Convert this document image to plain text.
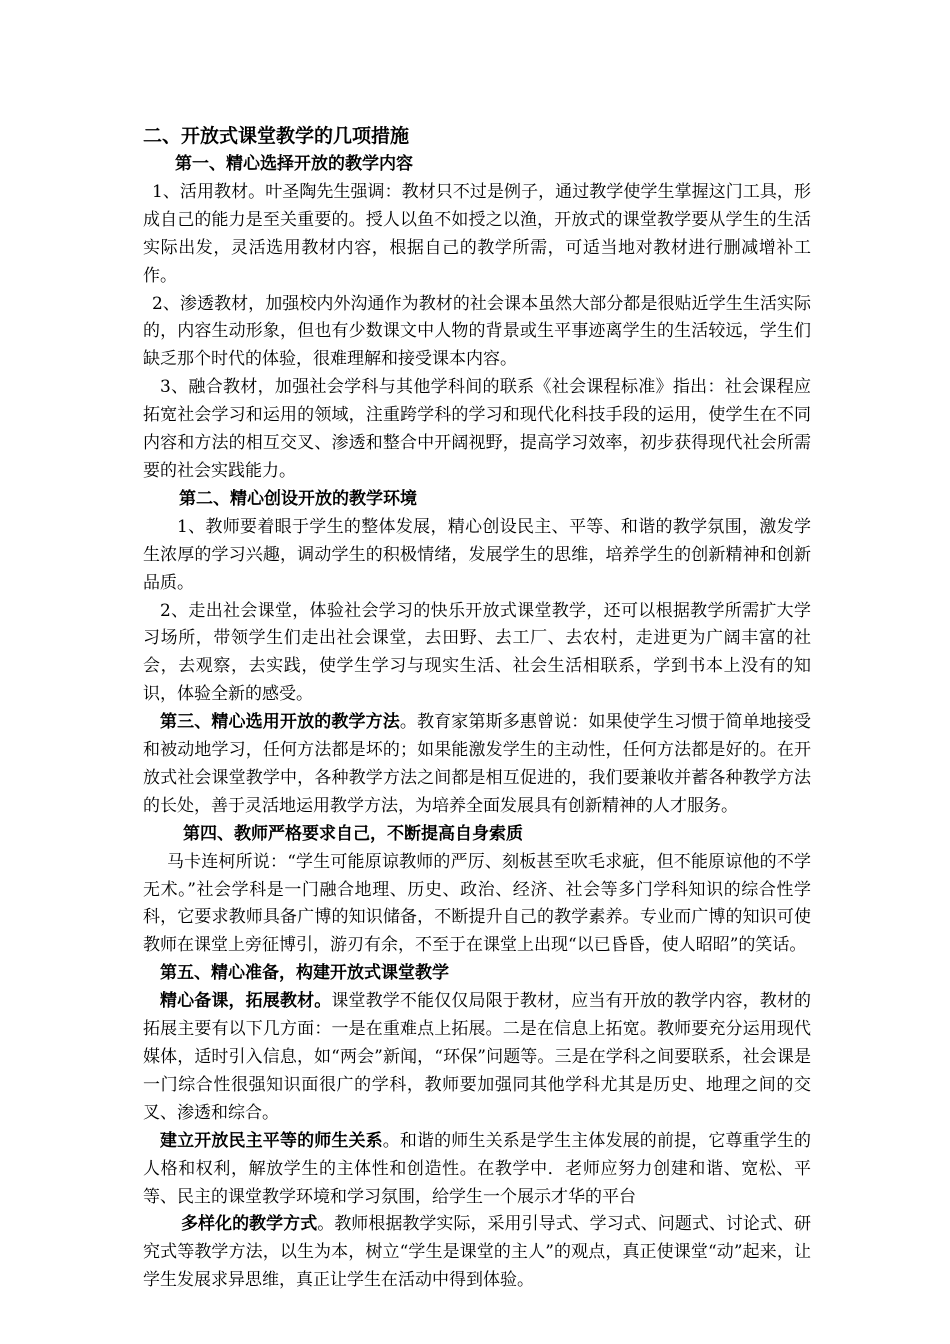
二、开放式课堂教学的几项措施

第一、精心选择开放的教学内容

1、活用教材。叶圣陶先生强调：教材只不过是例子，通过教学使学生掌握这门工具，形成自己的能力是至关重要的。授人以鱼不如授之以渔，开放式的课堂教学要从学生的生活实际出发，灵活选用教材内容，根据自己的教学所需，可适当地对教材进行删减增补工作。

2、渗透教材，加强校内外沟通作为教材的社会课本虽然大部分都是很贴近学生生活实际的，内容生动形象，但也有少数课文中人物的背景或生平事迹离学生的生活较远，学生们缺乏那个时代的体验，很难理解和接受课本内容。

3、融合教材，加强社会学科与其他学科间的联系《社会课程标准》指出：社会课程应拓宽社会学习和运用的领域，注重跨学科的学习和现代化科技手段的运用，使学生在不同内容和方法的相互交叉、渗透和整合中开阔视野，提高学习效率，初步获得现代社会所需要的社会实践能力。

第二、精心创设开放的教学环境

1、教师要着眼于学生的整体发展，精心创设民主、平等、和谐的教学氛围，激发学生浓厚的学习兴趣，调动学生的积极情绪，发展学生的思维，培养学生的创新精神和创新品质。

2、走出社会课堂，体验社会学习的快乐开放式课堂教学，还可以根据教学所需扩大学习场所，带领学生们走出社会课堂，去田野、去工厂、去农村，走进更为广阔丰富的社会，去观察，去实践，使学生学习与现实生活、社会生活相联系，学到书本上没有的知识，体验全新的感受。

第三、精心选用开放的教学方法。教育家第斯多惠曾说：如果使学生习惯于简单地接受和被动地学习，任何方法都是坏的；如果能激发学生的主动性，任何方法都是好的。在开放式社会课堂教学中，各种教学方法之间都是相互促进的，我们要兼收并蓄各种教学方法的长处，善于灵活地运用教学方法，为培养全面发展具有创新精神的人才服务。

第四、教师严格要求自己，不断提高自身索质

马卡连柯所说：“学生可能原谅教师的严厉、刻板甚至吹毛求疵，但不能原谅他的不学无术。”社会学科是一门融合地理、历史、政治、经济、社会等多门学科知识的综合性学科，它要求教师具备广博的知识储备，不断提升自己的教学素养。专业而广博的知识可使教师在课堂上旁征博引，游刃有余，不至于在课堂上出现“以已昏昏，使人昭昭”的笑话。

第五、精心准备，构建开放式课堂教学

精心备课，拓展教材。课堂教学不能仅仅局限于教材，应当有开放的教学内容，教材的拓展主要有以下几方面：一是在重难点上拓展。二是在信息上拓宽。教师要充分运用现代媒体，适时引入信息，如“两会”新闻，“环保”问题等。三是在学科之间要联系，社会课是一门综合性很强知识面很广的学科，教师要加强同其他学科尤其是历史、地理之间的交叉、渗透和综合。

建立开放民主平等的师生关系。和谐的师生关系是学生主体发展的前提，它尊重学生的人格和权利，解放学生的主体性和创造性。在教学中．老师应努力创建和谐、宽松、平等、民主的课堂教学环境和学习氛围，给学生一个展示才华的平台

多样化的教学方式。教师根据教学实际，采用引导式、学习式、问题式、讨论式、研究式等教学方法，以生为本，树立“学生是课堂的主人”的观点，真正使课堂“动”起来，让学生发展求异思维，真正让学生在活动中得到体验。
